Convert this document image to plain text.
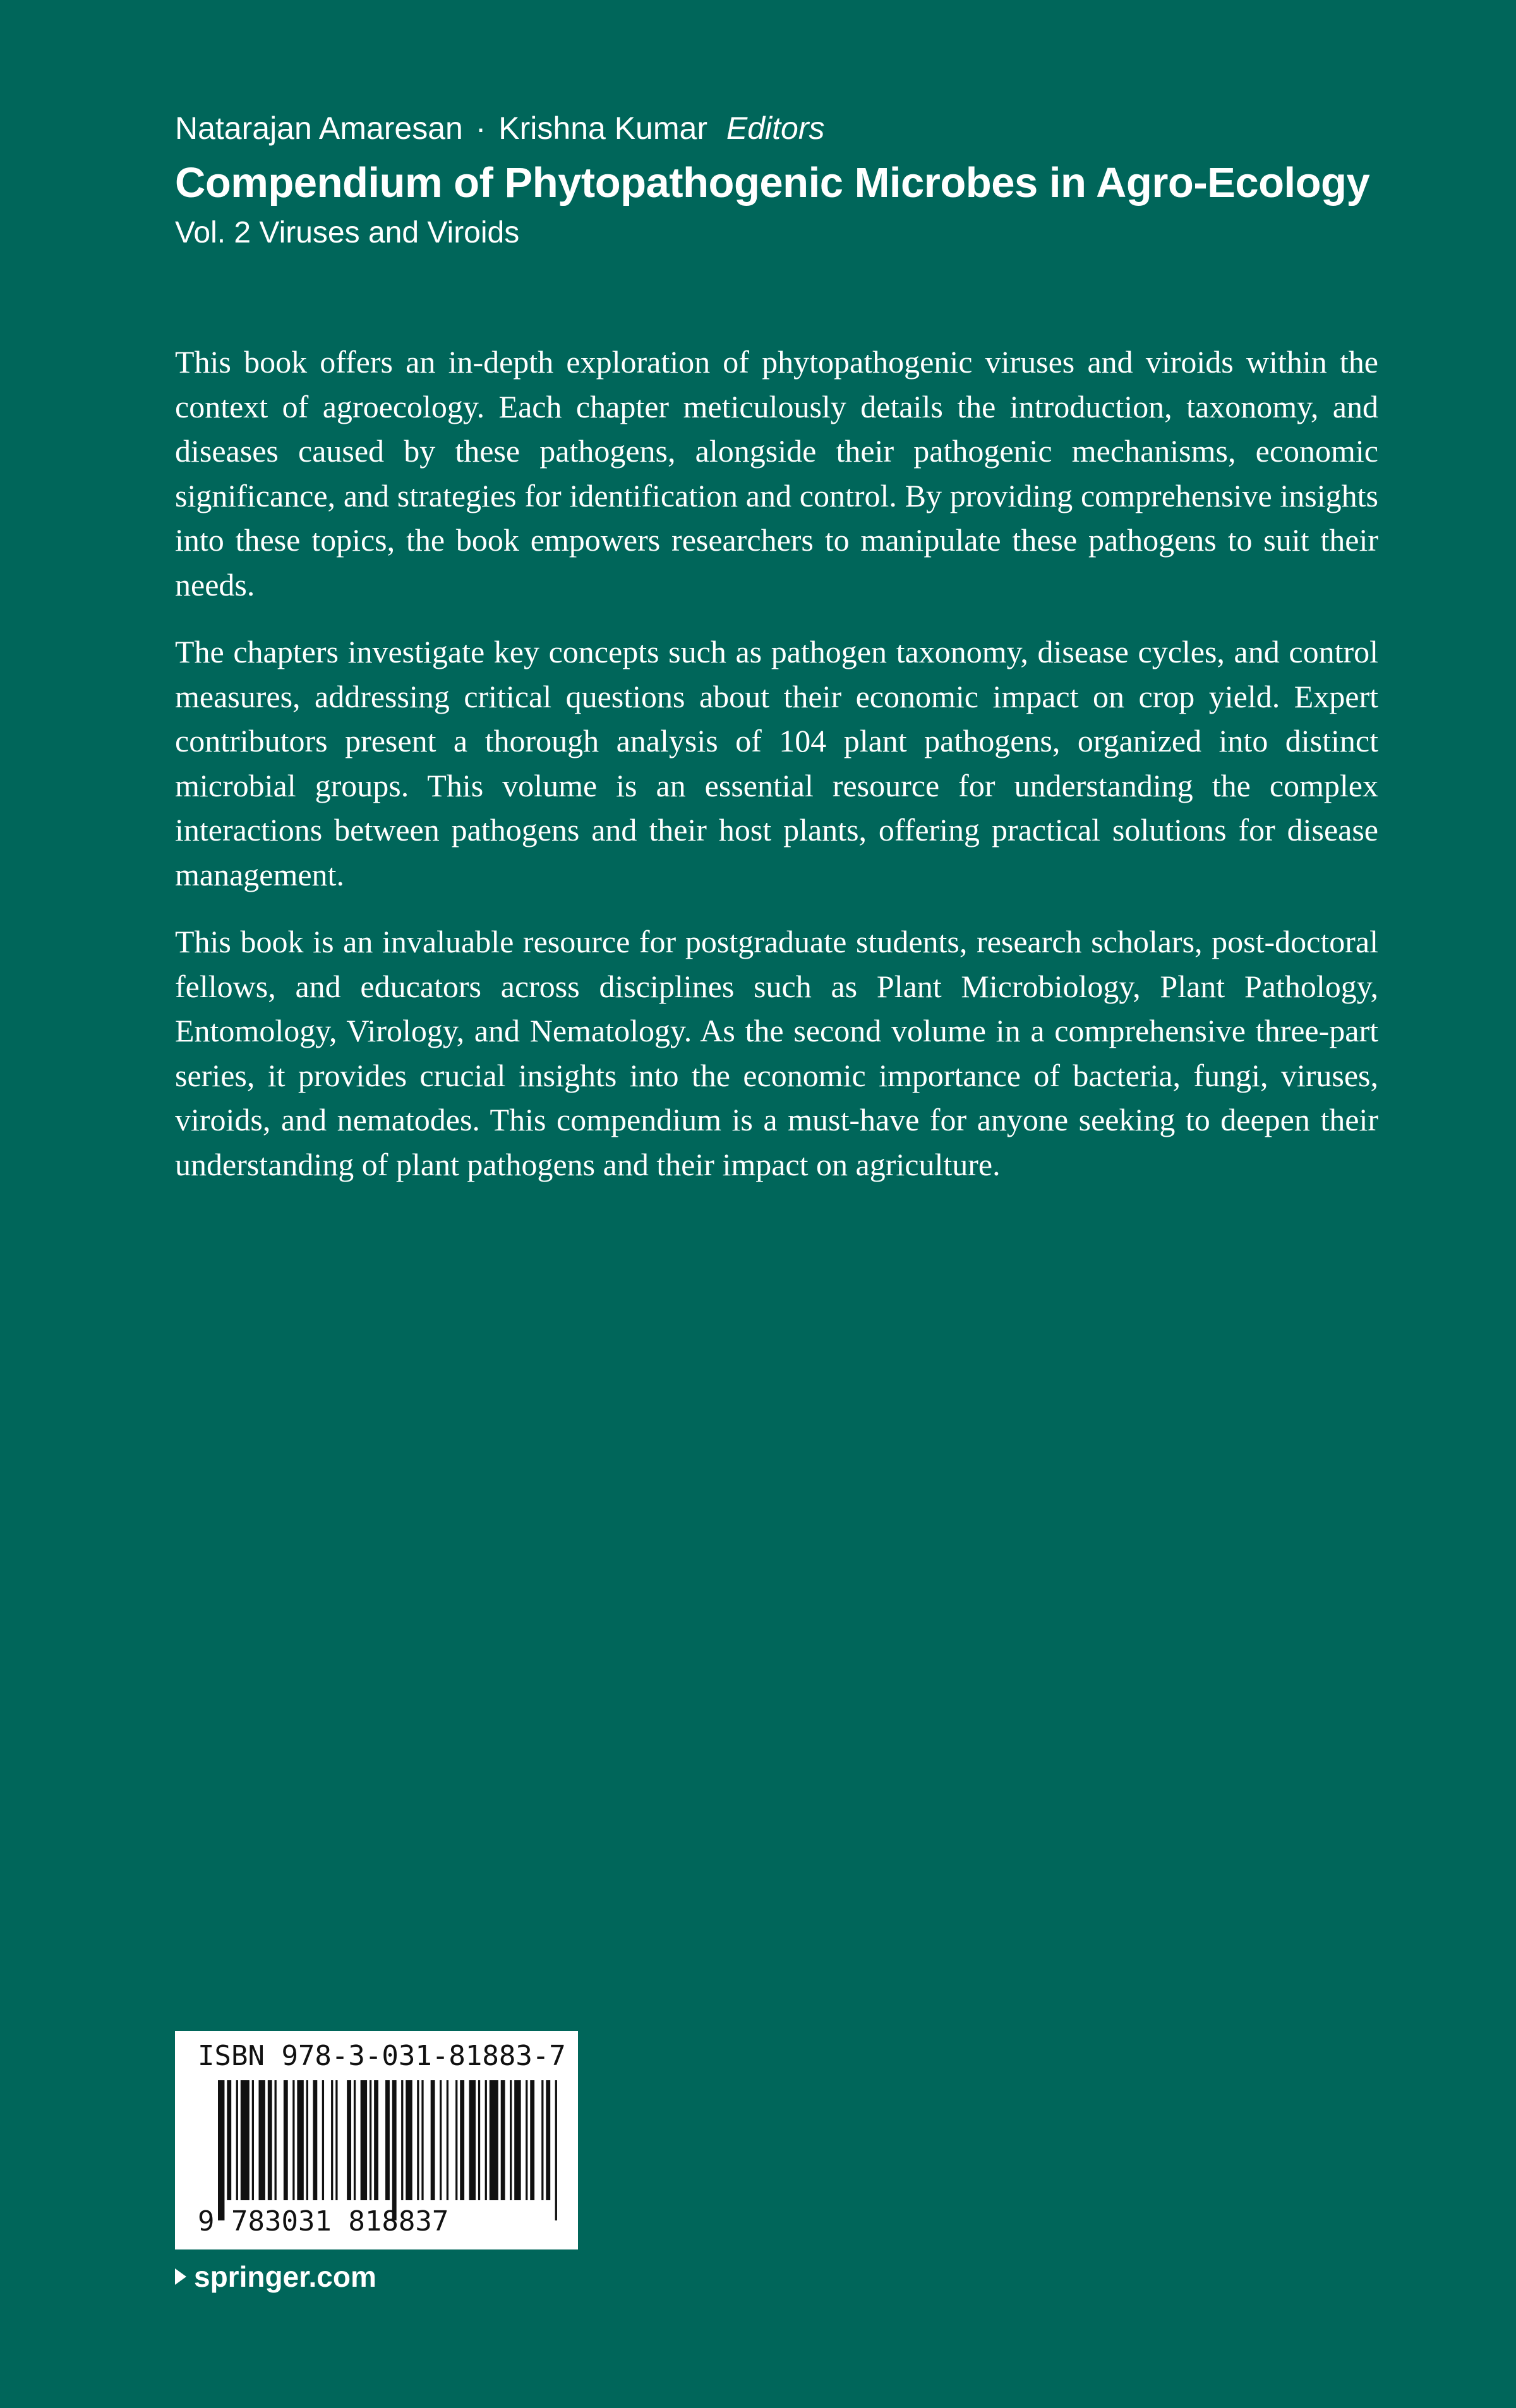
Natarajan Amaresan · Krishna Kumar Editors
Compendium of Phytopathogenic Microbes in Agro-Ecology
Vol. 2 Viruses and Viroids

This book offers an in-depth exploration of phytopathogenic viruses and viroids within the context of agroecology. Each chapter meticulously details the introduction, taxonomy, and diseases caused by these pathogens, alongside their pathogenic mechanisms, economic significance, and strategies for identification and control. By providing comprehensive insights into these topics, the book empowers researchers to manipulate these pathogens to suit their needs.

The chapters investigate key concepts such as pathogen taxonomy, disease cycles, and control measures, addressing critical questions about their economic impact on crop yield. Expert contributors present a thorough analysis of 104 plant pathogens, organized into distinct microbial groups. This volume is an essential resource for understanding the complex interactions between pathogens and their host plants, offering practical solutions for disease management.

This book is an invaluable resource for postgraduate students, research scholars, post-doctoral fellows, and educators across disciplines such as Plant Microbiology, Plant Pathology, Entomology, Virology, and Nematology. As the second volume in a comprehensive three-part series, it provides crucial insights into the economic importance of bacteria, fungi, viruses, viroids, and nematodes. This compendium is a must-have for anyone seeking to deepen their understanding of plant pathogens and their impact on agriculture.

ISBN 978-3-031-81883-7
9 783031 818837
springer.com
